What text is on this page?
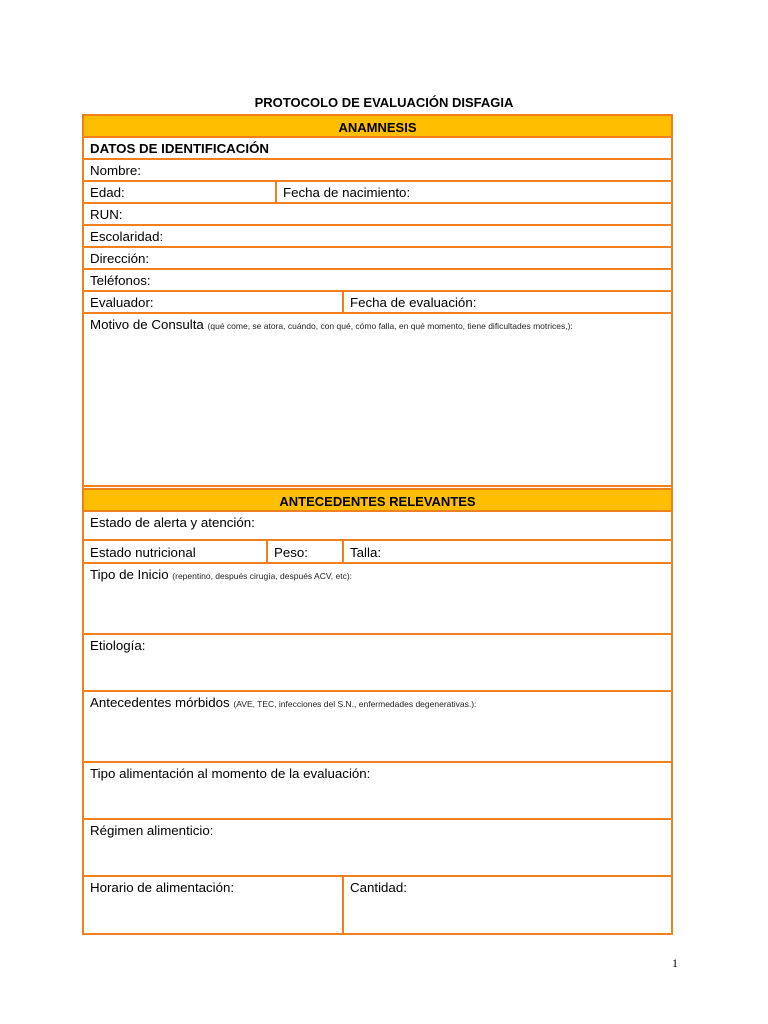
PROTOCOLO DE EVALUACIÓN DISFAGIA
ANAMNESIS
DATOS DE IDENTIFICACIÓN
Nombre:
Edad:	Fecha de nacimiento:
RUN:
Escolaridad:
Dirección:
Teléfonos:
Evaluador:	Fecha de evaluación:
Motivo de Consulta (qué come, se atora, cuándo, con qué, cómo falla, en qué momento, tiene dificultades motrices,):
ANTECEDENTES RELEVANTES
Estado de alerta y atención:
Estado nutricional	Peso:	Talla:
Tipo de Inicio (repentino, después cirugía, después ACV, etc):
Etiología:
Antecedentes mórbidos (AVE, TEC, infecciones del S.N., enfermedades degenerativas.):
Tipo alimentación al momento de la evaluación:
Régimen alimenticio:
Horario de alimentación:	Cantidad:
1
